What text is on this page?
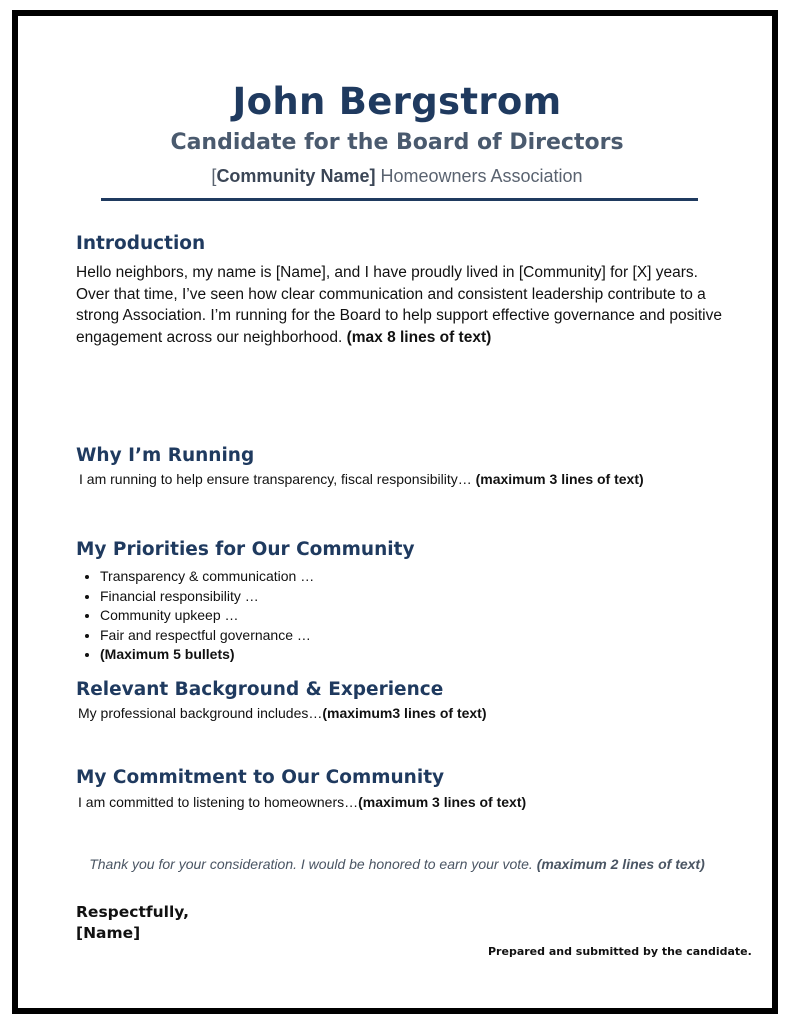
John Bergstrom
Candidate for the Board of Directors
[Community Name] Homeowners Association
Introduction
Hello neighbors, my name is [Name], and I have proudly lived in [Community] for [X] years. Over that time, I’ve seen how clear communication and consistent leadership contribute to a strong Association. I’m running for the Board to help support effective governance and positive engagement across our neighborhood. (max 8 lines of text)
Why I’m Running
I am running to help ensure transparency, fiscal responsibility… (maximum 3 lines of text)
My Priorities for Our Community
• Transparency & communication …
• Financial responsibility …
• Community upkeep …
• Fair and respectful governance …
• (Maximum 5 bullets)
Relevant Background & Experience
My professional background includes…(maximum3 lines of text)
My Commitment to Our Community
I am committed to listening to homeowners…(maximum 3 lines of text)
Thank you for your consideration. I would be honored to earn your vote. (maximum 2 lines of text)
Respectfully,
[Name]
Prepared and submitted by the candidate.
